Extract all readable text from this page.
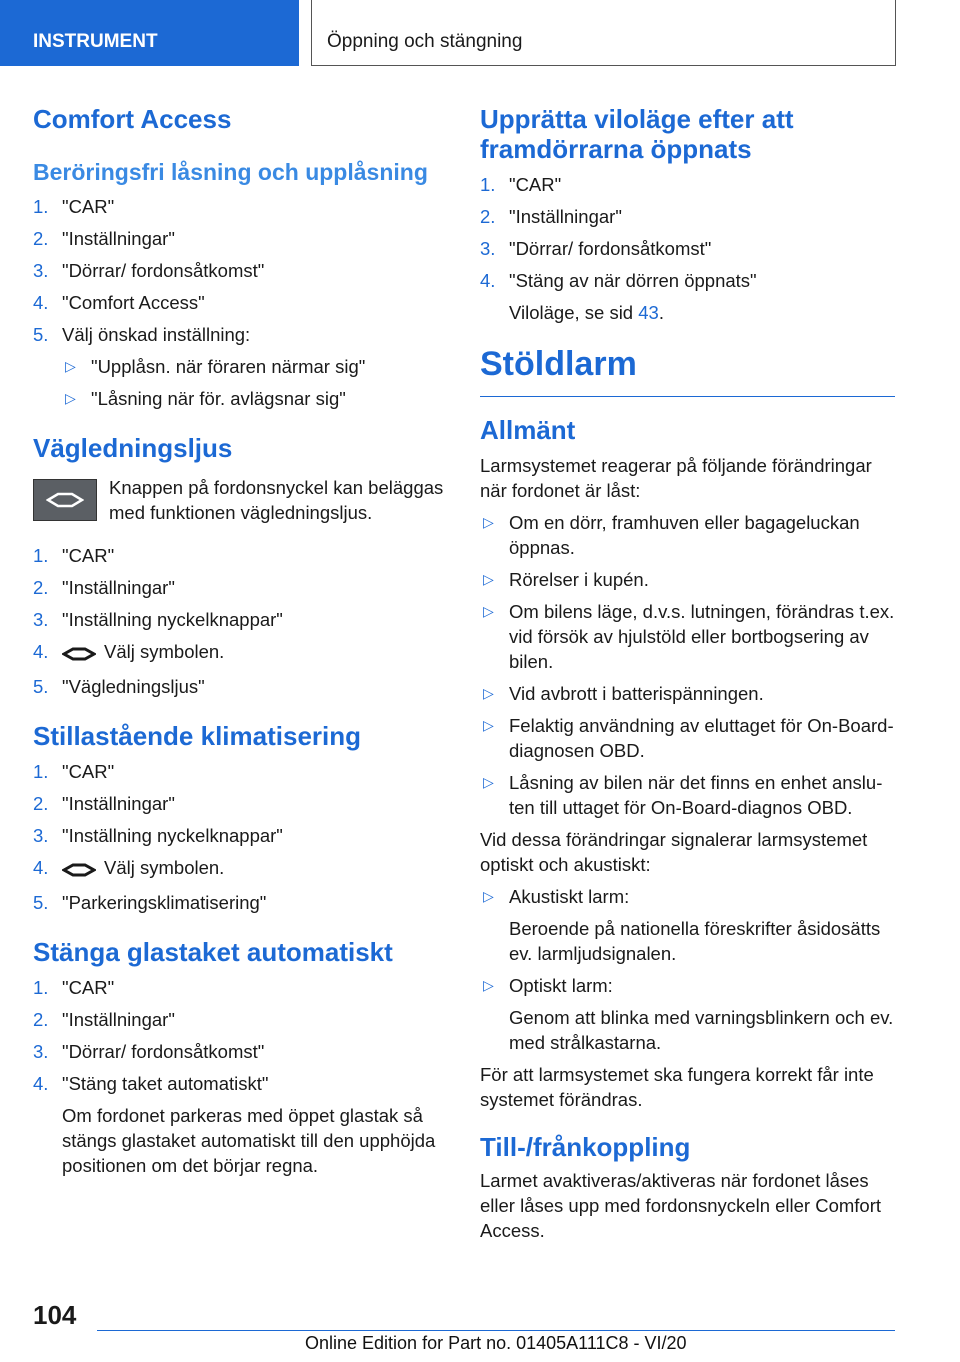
INSTRUMENT	Öppning och stängning
Comfort Access
Beröringsfri låsning och upplåsning
1. "CAR"
2. "Inställningar"
3. "Dörrar/ fordonsåtkomst"
4. "Comfort Access"
5. Välj önskad inställning:
▷ "Upplåsn. när föraren närmar sig"
▷ "Låsning när för. avlägsnar sig"
Vägledningsljus
Knappen på fordonsnyckel kan beläggas med funktionen vägledningsljus.
1. "CAR"
2. "Inställningar"
3. "Inställning nyckelknappar"
4.	Välj symbolen.
5. "Vägledningsljus"
Stillastående klimatisering
1. "CAR"
2. "Inställningar"
3. "Inställning nyckelknappar"
4.	Välj symbolen.
5. "Parkeringsklimatisering"
Stänga glastaket automatiskt
1. "CAR"
2. "Inställningar"
3. "Dörrar/ fordonsåtkomst"
4. "Stäng taket automatiskt"
Om fordonet parkeras med öppet glastak så stängs glastaket automatiskt till den upphöjda positionen om det börjar regna.
Upprätta viloläge efter att framdörrarna öppnats
1. "CAR"
2. "Inställningar"
3. "Dörrar/ fordonsåtkomst"
4. "Stäng av när dörren öppnats"
Viloläge, se sid 43.
Stöldlarm
Allmänt
Larmsystemet reagerar på följande förändringar när fordonet är låst:
▷ Om en dörr, framhuven eller bagageluckan öppnas.
▷ Rörelser i kupén.
▷ Om bilens läge, d.v.s. lutningen, förändras t.ex. vid försök av hjulstöld eller bortbogsering av bilen.
▷ Vid avbrott i batterispänningen.
▷ Felaktig användning av eluttaget för On-Board-diagnosen OBD.
▷ Låsning av bilen när det finns en enhet ansluten till uttaget för On-Board-diagnos OBD.
Vid dessa förändringar signalerar larmsystemet optiskt och akustiskt:
▷ Akustiskt larm:
Beroende på nationella föreskrifter åsidosätts ev. larmljudsignalen.
▷ Optiskt larm:
Genom att blinka med varningsblinkern och ev. med strålkastarna.
För att larmsystemet ska fungera korrekt får inte systemet förändras.
Till-/frånkoppling
Larmet avaktiveras/aktiveras när fordonet låses eller låses upp med fordonsnyckeln eller Comfort Access.
104
Online Edition for Part no. 01405A111C8 - VI/20
